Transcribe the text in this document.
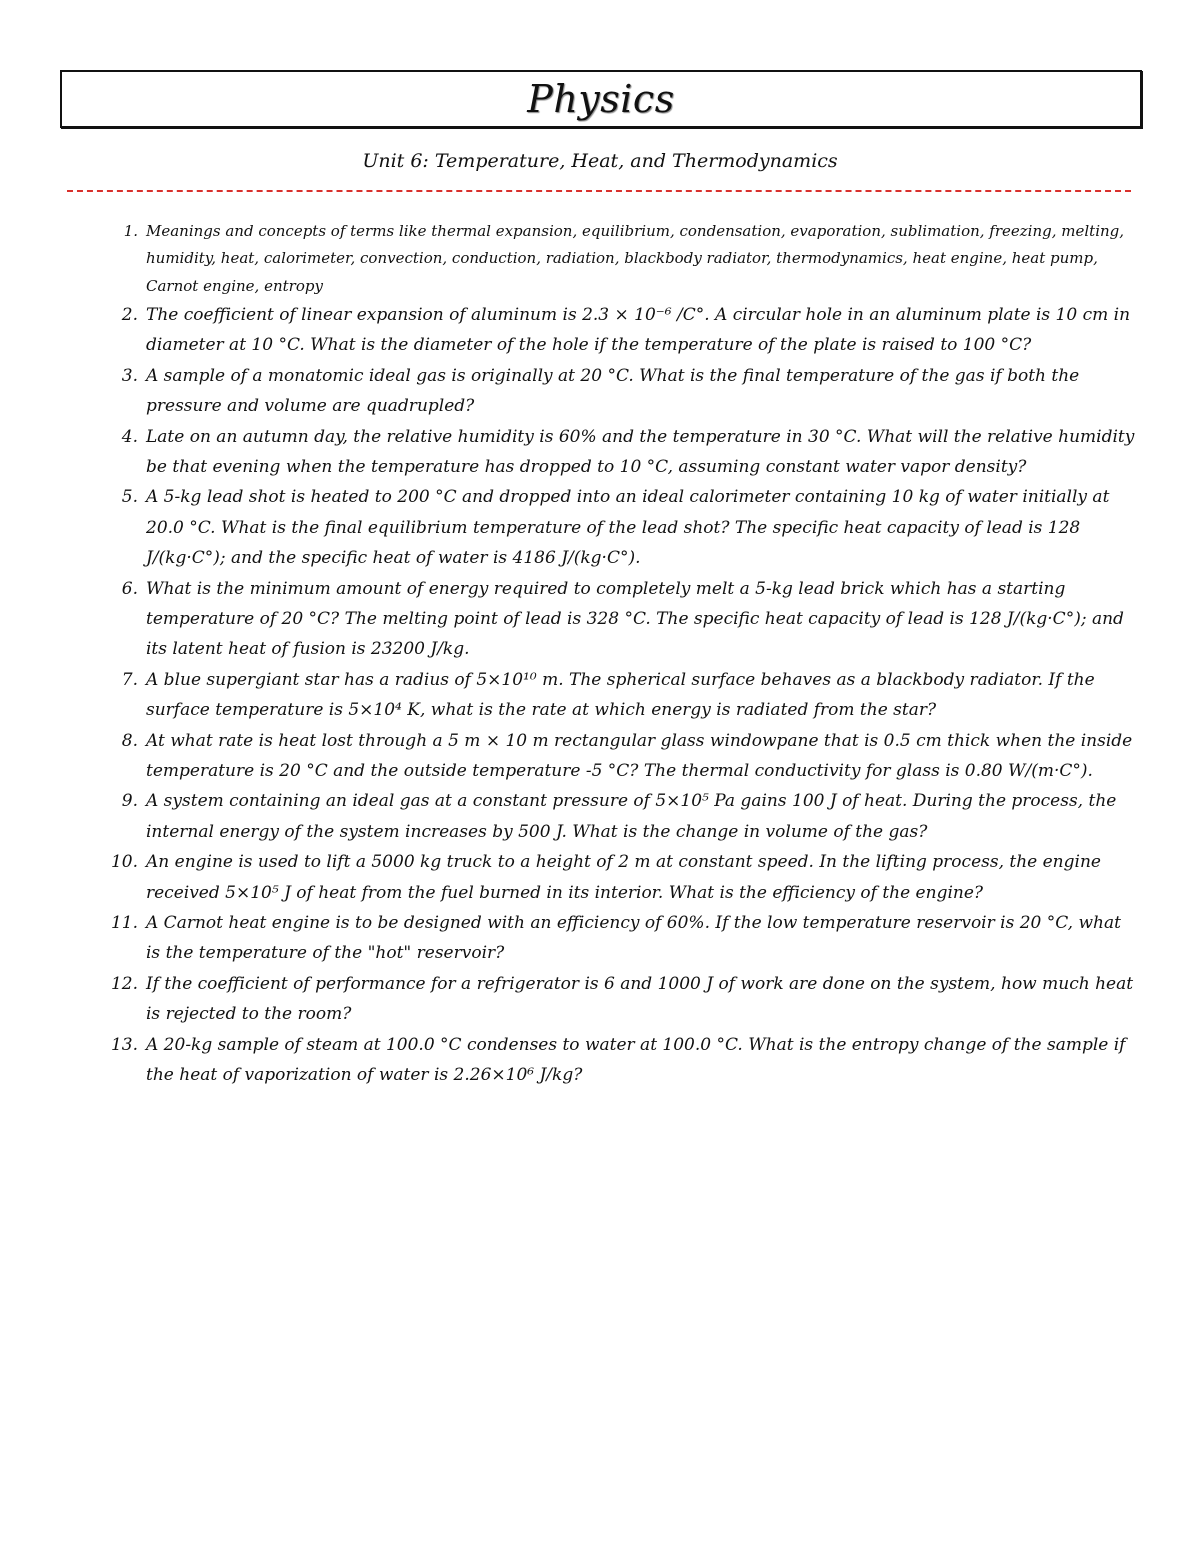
Physics
Unit 6: Temperature, Heat, and Thermodynamics
1. Meanings and concepts of terms like thermal expansion, equilibrium, condensation, evaporation, sublimation, freezing, melting, humidity, heat, calorimeter, convection, conduction, radiation, blackbody radiator, thermodynamics, heat engine, heat pump, Carnot engine, entropy
2. The coefficient of linear expansion of aluminum is 2.3 × 10⁻⁶ /C°. A circular hole in an aluminum plate is 10 cm in diameter at 10 °C. What is the diameter of the hole if the temperature of the plate is raised to 100 °C?
3. A sample of a monatomic ideal gas is originally at 20 °C. What is the final temperature of the gas if both the pressure and volume are quadrupled?
4. Late on an autumn day, the relative humidity is 60% and the temperature in 30 °C. What will the relative humidity be that evening when the temperature has dropped to 10 °C, assuming constant water vapor density?
5. A 5-kg lead shot is heated to 200 °C and dropped into an ideal calorimeter containing 10 kg of water initially at 20.0 °C. What is the final equilibrium temperature of the lead shot? The specific heat capacity of lead is 128 J/(kg·C°); and the specific heat of water is 4186 J/(kg·C°).
6. What is the minimum amount of energy required to completely melt a 5-kg lead brick which has a starting temperature of 20 °C? The melting point of lead is 328 °C. The specific heat capacity of lead is 128 J/(kg·C°); and its latent heat of fusion is 23200 J/kg.
7. A blue supergiant star has a radius of 5×10¹⁰ m. The spherical surface behaves as a blackbody radiator. If the surface temperature is 5×10⁴ K, what is the rate at which energy is radiated from the star?
8. At what rate is heat lost through a 5 m × 10 m rectangular glass windowpane that is 0.5 cm thick when the inside temperature is 20 °C and the outside temperature -5 °C? The thermal conductivity for glass is 0.80 W/(m·C°).
9. A system containing an ideal gas at a constant pressure of 5×10⁵ Pa gains 100 J of heat. During the process, the internal energy of the system increases by 500 J. What is the change in volume of the gas?
10. An engine is used to lift a 5000 kg truck to a height of 2 m at constant speed. In the lifting process, the engine received 5×10⁵ J of heat from the fuel burned in its interior. What is the efficiency of the engine?
11. A Carnot heat engine is to be designed with an efficiency of 60%. If the low temperature reservoir is 20 °C, what is the temperature of the "hot" reservoir?
12. If the coefficient of performance for a refrigerator is 6 and 1000 J of work are done on the system, how much heat is rejected to the room?
13. A 20-kg sample of steam at 100.0 °C condenses to water at 100.0 °C. What is the entropy change of the sample if the heat of vaporization of water is 2.26×10⁶ J/kg?
